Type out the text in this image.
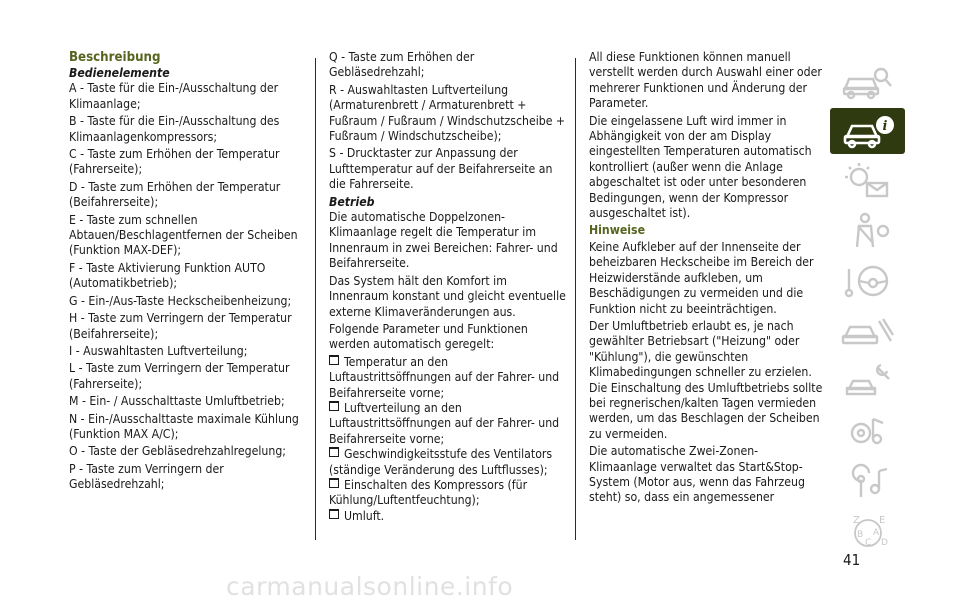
Beschreibung
Bedienelemente
A - Taste für die Ein-/Ausschaltung der Klimaanlage;
B - Taste für die Ein-/Ausschaltung des Klimaanlagenkompressors;
C - Taste zum Erhöhen der Temperatur (Fahrerseite);
D - Taste zum Erhöhen der Temperatur (Beifahrerseite);
E - Taste zum schnellen Abtauen/Beschlagentfernen der Scheiben (Funktion MAX-DEF);
F - Taste Aktivierung Funktion AUTO (Automatikbetrieb);
G - Ein-/Aus-Taste Heckscheibenheizung;
H - Taste zum Verringern der Temperatur (Beifahrerseite);
I - Auswahltasten Luftverteilung;
L - Taste zum Verringern der Temperatur (Fahrerseite);
M - Ein- / Ausschalttaste Umluftbetrieb;
N - Ein-/Ausschalttaste maximale Kühlung (Funktion MAX A/C);
O - Taste der Gebläsedrehzahlregelung;
P - Taste zum Verringern der Gebläsedrehzahl;
Q - Taste zum Erhöhen der Gebläsedrehzahl;
R - Auswahltasten Luftverteilung (Armaturenbrett / Armaturenbrett + Fußraum / Fußraum / Windschutzscheibe + Fußraum / Windschutzscheibe);
S - Drucktaster zur Anpassung der Lufttemperatur auf der Beifahrerseite an die Fahrerseite.
Betrieb
Die automatische Doppelzonen-Klimaanlage regelt die Temperatur im Innenraum in zwei Bereichen: Fahrer- und Beifahrerseite.
Das System hält den Komfort im Innenraum konstant und gleicht eventuelle externe Klimaveränderungen aus.
Folgende Parameter und Funktionen werden automatisch geregelt:
Temperatur an den Luftaustrittsöffnungen auf der Fahrer- und Beifahrerseite vorne;
Luftverteilung an den Luftaustrittsöffnungen auf der Fahrer- und Beifahrerseite vorne;
Geschwindigkeitsstufe des Ventilators (ständige Veränderung des Luftflusses);
Einschalten des Kompressors (für Kühlung/Luftentfeuchtung);
Umluft.
All diese Funktionen können manuell verstellt werden durch Auswahl einer oder mehrerer Funktionen und Änderung der Parameter.
Die eingelassene Luft wird immer in Abhängigkeit von der am Display eingestellten Temperaturen automatisch kontrolliert (außer wenn die Anlage abgeschaltet ist oder unter besonderen Bedingungen, wenn der Kompressor ausgeschaltet ist).
Hinweise
Keine Aufkleber auf der Innenseite der beheizbaren Heckscheibe im Bereich der Heizwiderstände aufkleben, um Beschädigungen zu vermeiden und die Funktion nicht zu beeinträchtigen.
Der Umluftbetrieb erlaubt es, je nach gewählter Betriebsart ("Heizung" oder "Kühlung"), die gewünschten Klimabedingungen schneller zu erzielen. Die Einschaltung des Umluftbetriebs sollte bei regnerischen/kalten Tagen vermieden werden, um das Beschlagen der Scheiben zu vermeiden.
Die automatische Zwei-Zonen-Klimaanlage verwaltet das Start&Stop-System (Motor aus, wenn das Fahrzeug steht) so, dass ein angemessener
i
Z E
B
C
A
D
41
carmanualsonline.info
